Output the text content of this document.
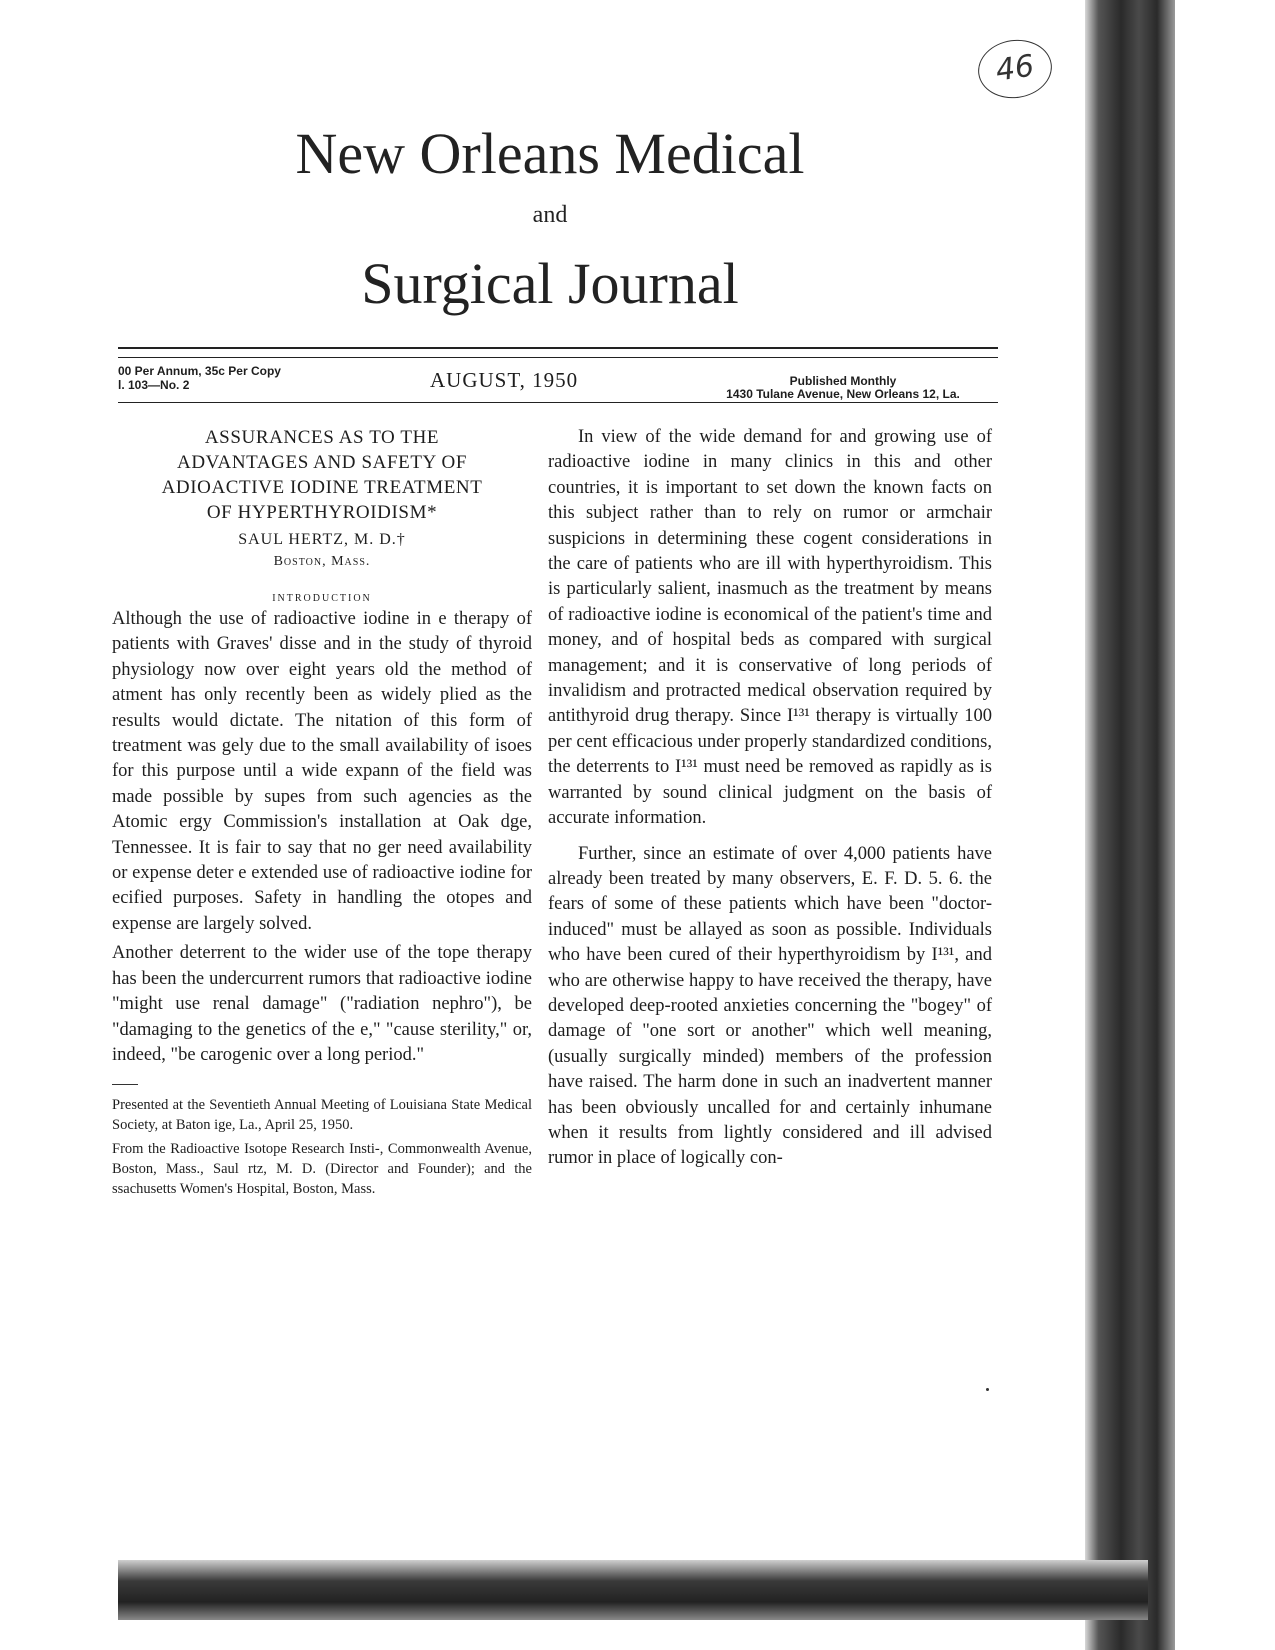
46
New Orleans Medical
and
Surgical Journal
00 Per Annum, 35c Per Copy
l. 103—No. 2	AUGUST, 1950	Published Monthly
1430 Tulane Avenue, New Orleans 12, La.
ASSURANCES AS TO THE
ADVANTAGES AND SAFETY OF
ADIOACTIVE IODINE TREATMENT
OF HYPERTHYROIDISM*
SAUL HERTZ, M. D.†
Boston, Mass.
INTRODUCTION

Although the use of radioactive iodine in e therapy of patients with Graves' disse and in the study of thyroid physiology now over eight years old the method of atment has only recently been as widely plied as the results would dictate. The nitation of this form of treatment was gely due to the small availability of isoes for this purpose until a wide expann of the field was made possible by supes from such agencies as the Atomic ergy Commission's installation at Oak dge, Tennessee. It is fair to say that no ger need availability or expense deter e extended use of radioactive iodine for ecified purposes. Safety in handling the otopes and expense are largely solved.

Another deterrent to the wider use of the tope therapy has been the undercurrent rumors that radioactive iodine "might use renal damage" ("radiation nephro"), be "damaging to the genetics of the e," "cause sterility," or, indeed, "be carogenic over a long period."

Presented at the Seventieth Annual Meeting of Louisiana State Medical Society, at Baton ige, La., April 25, 1950.

From the Radioactive Isotope Research Insti-, Commonwealth Avenue, Boston, Mass., Saul rtz, M. D. (Director and Founder); and the ssachusetts Women's Hospital, Boston, Mass.

In view of the wide demand for and growing use of radioactive iodine in many clinics in this and other countries, it is important to set down the known facts on this subject rather than to rely on rumor or armchair suspicions in determining these cogent considerations in the care of patients who are ill with hyperthyroidism. This is particularly salient, inasmuch as the treatment by means of radioactive iodine is economical of the patient's time and money, and of hospital beds as compared with surgical management; and it is conservative of long periods of invalidism and protracted medical observation required by antithyroid drug therapy. Since I¹³¹ therapy is virtually 100 per cent efficacious under properly standardized conditions, the deterrents to I¹³¹ must need be removed as rapidly as is warranted by sound clinical judgment on the basis of accurate information.

Further, since an estimate of over 4,000 patients have already been treated by many observers, E. F. D. 5. 6. the fears of some of these patients which have been "doctor-induced" must be allayed as soon as possible. Individuals who have been cured of their hyperthyroidism by I¹³¹, and who are otherwise happy to have received the therapy, have developed deep-rooted anxieties concerning the "bogey" of damage of "one sort or another" which well meaning, (usually surgically minded) members of the profession have raised. The harm done in such an inadvertent manner has been obviously uncalled for and certainly inhumane when it results from lightly considered and ill advised rumor in place of logically con-
